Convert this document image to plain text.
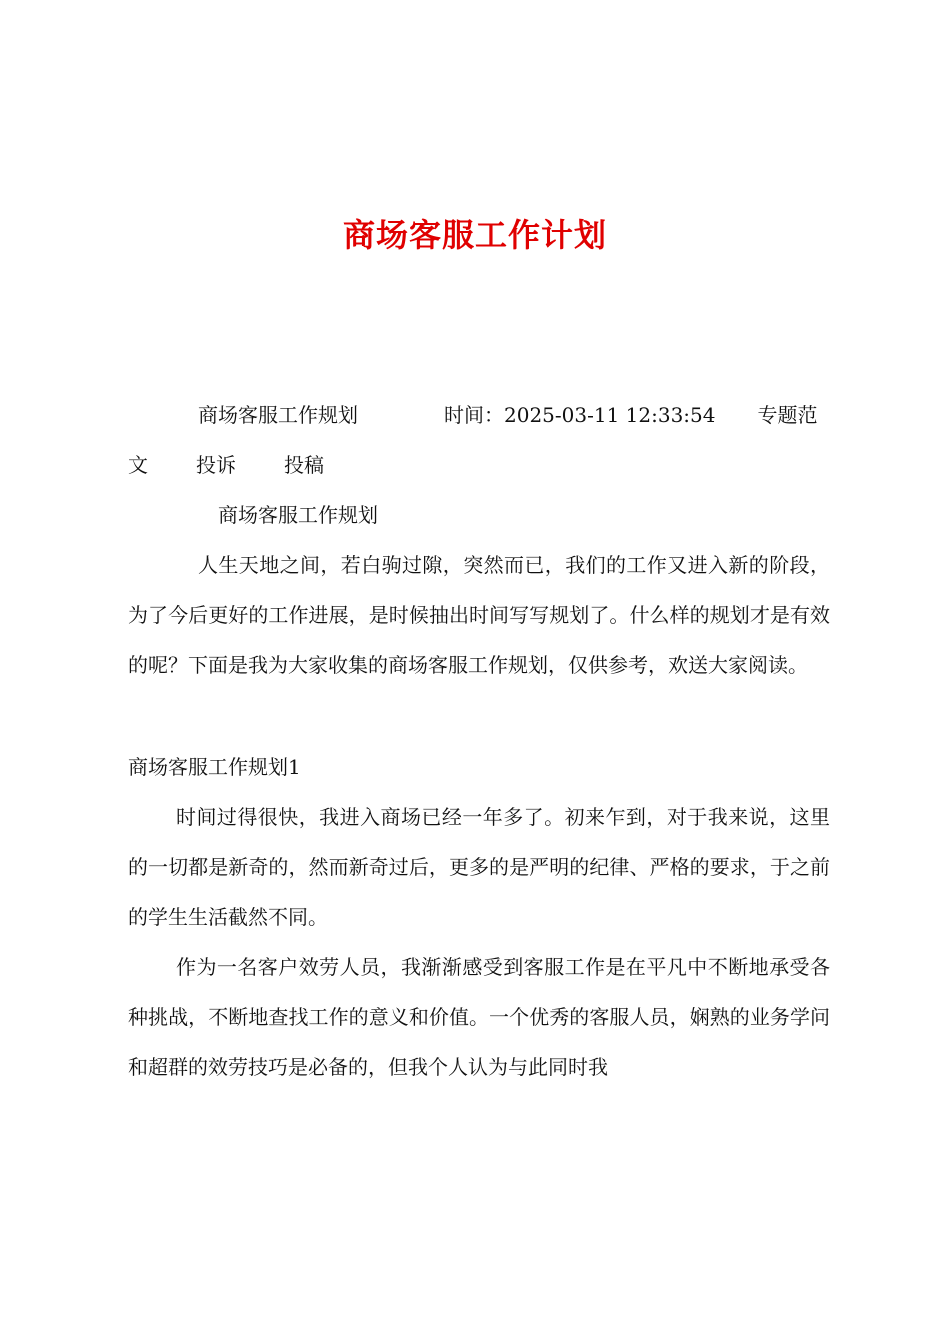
商场客服工作计划

商场客服工作规划	时间：2025-03-11 12:33:54 专题范文 投诉 投稿

商场客服工作规划

人生天地之间，若白驹过隙，突然而已，我们的工作又进入新的阶段，为了今后更好的工作进展，是时候抽出时间写写规划了。什么样的规划才是有效的呢？下面是我为大家收集的商场客服工作规划，仅供参考，欢送大家阅读。

商场客服工作规划1

时间过得很快，我进入商场已经一年多了。初来乍到，对于我来说，这里的一切都是新奇的，然而新奇过后，更多的是严明的纪律、严格的要求，于之前的学生生活截然不同。

作为一名客户效劳人员，我渐渐感受到客服工作是在平凡中不断地承受各种挑战，不断地查找工作的意义和价值。一个优秀的客服人员，娴熟的业务学问和超群的效劳技巧是必备的，但我个人认为与此同时我
